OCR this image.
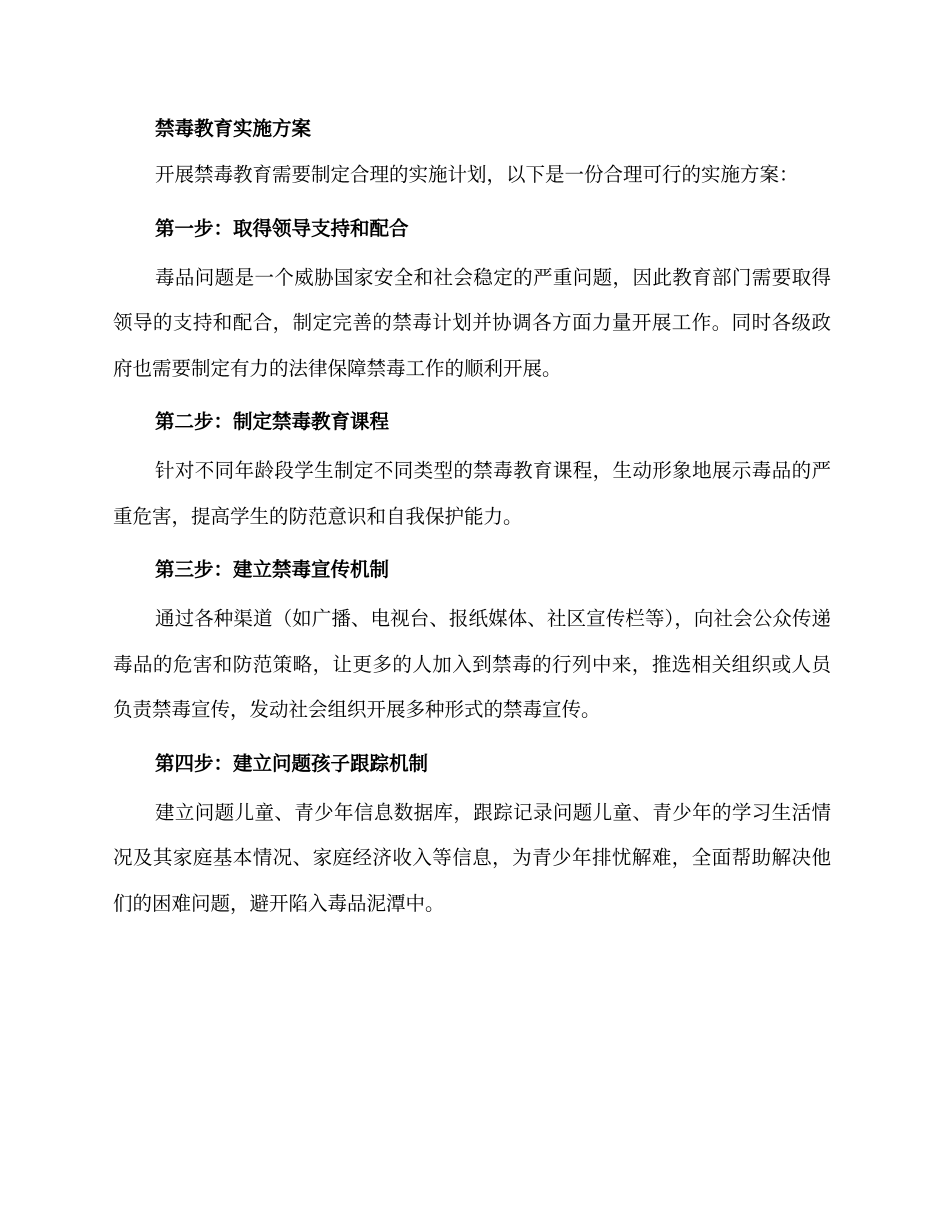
禁毒教育实施方案

开展禁毒教育需要制定合理的实施计划，以下是一份合理可行的实施方案：

第一步：取得领导支持和配合

毒品问题是一个威胁国家安全和社会稳定的严重问题，因此教育部门需要取得领导的支持和配合，制定完善的禁毒计划并协调各方面力量开展工作。同时各级政府也需要制定有力的法律保障禁毒工作的顺利开展。

第二步：制定禁毒教育课程

针对不同年龄段学生制定不同类型的禁毒教育课程，生动形象地展示毒品的严重危害，提高学生的防范意识和自我保护能力。

第三步：建立禁毒宣传机制

通过各种渠道（如广播、电视台、报纸媒体、社区宣传栏等），向社会公众传递毒品的危害和防范策略，让更多的人加入到禁毒的行列中来，推选相关组织或人员负责禁毒宣传，发动社会组织开展多种形式的禁毒宣传。

第四步：建立问题孩子跟踪机制

建立问题儿童、青少年信息数据库，跟踪记录问题儿童、青少年的学习生活情况及其家庭基本情况、家庭经济收入等信息，为青少年排忧解难，全面帮助解决他们的困难问题，避开陷入毒品泥潭中。
